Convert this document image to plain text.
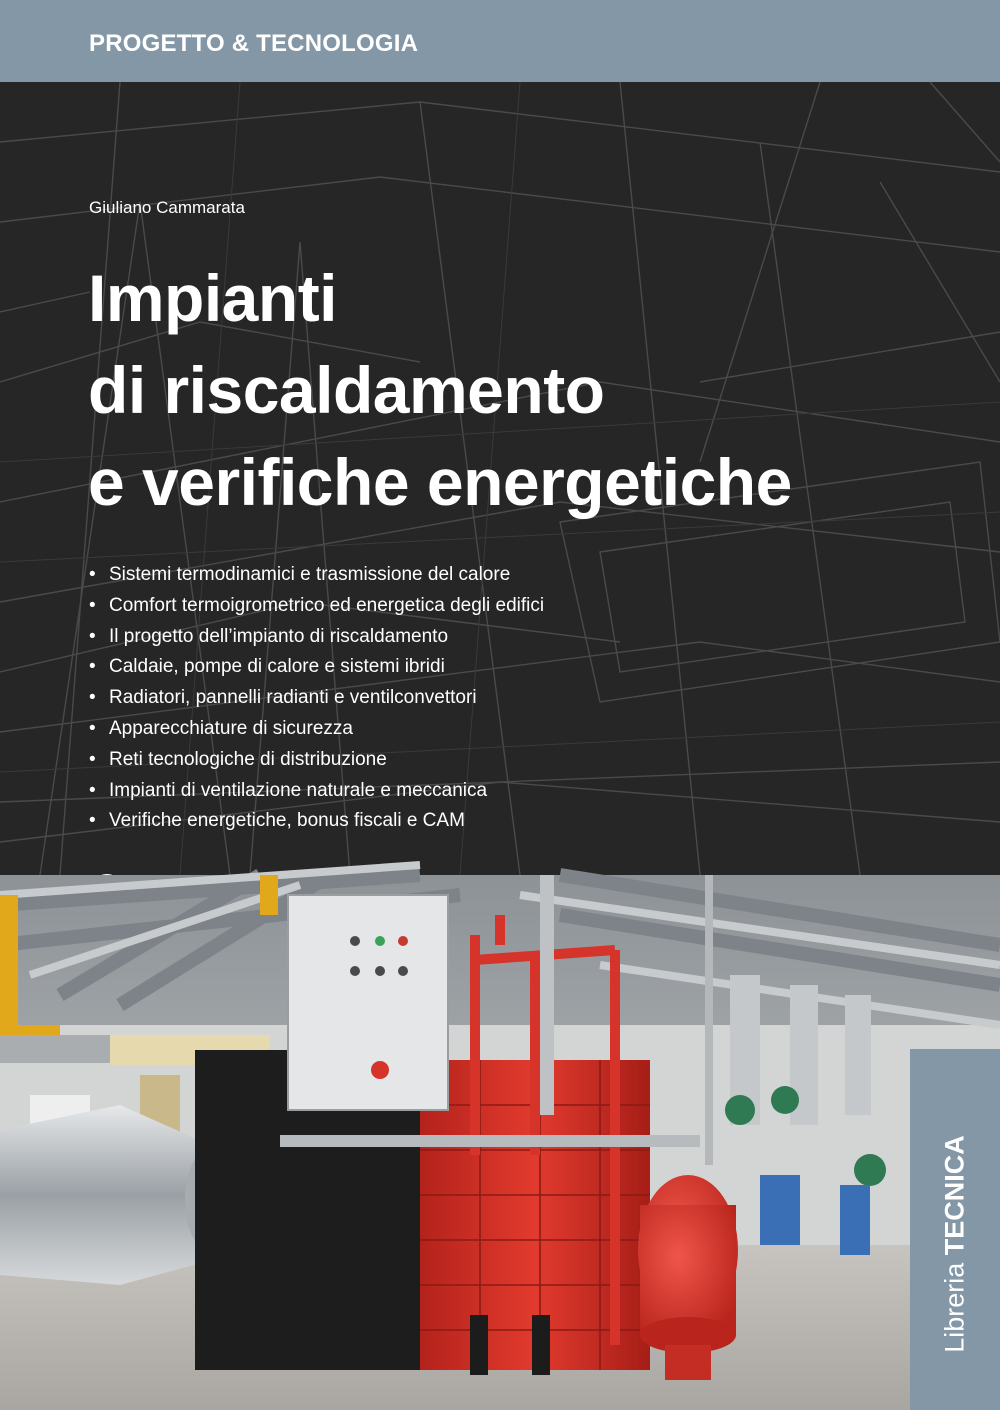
PROGETTO & TECNOLOGIA
Giuliano Cammarata
Impianti
di riscaldamento
e verifiche energetiche
• Sistemi termodinamici e trasmissione del calore
• Comfort termoigrometrico ed energetica degli edifici
• Il progetto dell’impianto di riscaldamento
• Caldaie, pompe di calore e sistemi ibridi
• Radiatori, pannelli radianti e ventilconvettori
• Apparecchiature di sicurezza
• Reti tecnologiche di distribuzione
• Impianti di ventilazione naturale e meccanica
• Verifiche energetiche, bonus fiscali e CAM
Libreria TECNICA
